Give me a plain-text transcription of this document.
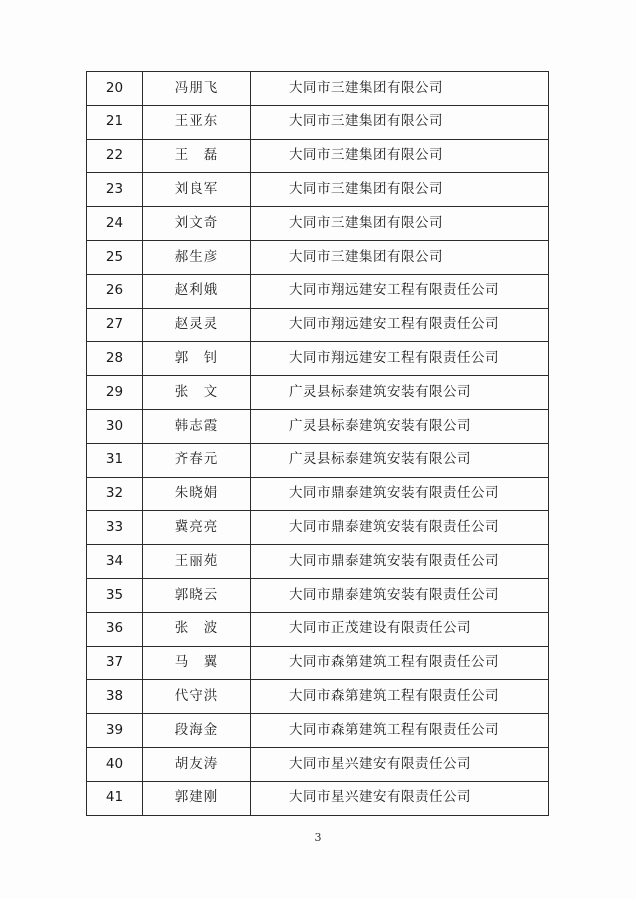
20	冯朋飞	大同市三建集团有限公司
21	王亚东	大同市三建集团有限公司
22	王　磊	大同市三建集团有限公司
23	刘良军	大同市三建集团有限公司
24	刘文奇	大同市三建集团有限公司
25	郝生彦	大同市三建集团有限公司
26	赵利娥	大同市翔远建安工程有限责任公司
27	赵灵灵	大同市翔远建安工程有限责任公司
28	郭　钊	大同市翔远建安工程有限责任公司
29	张　文	广灵县标泰建筑安装有限公司
30	韩志霞	广灵县标泰建筑安装有限公司
31	齐春元	广灵县标泰建筑安装有限公司
32	朱晓娟	大同市鼎泰建筑安装有限责任公司
33	冀亮亮	大同市鼎泰建筑安装有限责任公司
34	王丽苑	大同市鼎泰建筑安装有限责任公司
35	郭晓云	大同市鼎泰建筑安装有限责任公司
36	张　波	大同市正茂建设有限责任公司
37	马　翼	大同市森第建筑工程有限责任公司
38	代守洪	大同市森第建筑工程有限责任公司
39	段海金	大同市森第建筑工程有限责任公司
40	胡友涛	大同市星兴建安有限责任公司
41	郭建刚	大同市星兴建安有限责任公司
3
